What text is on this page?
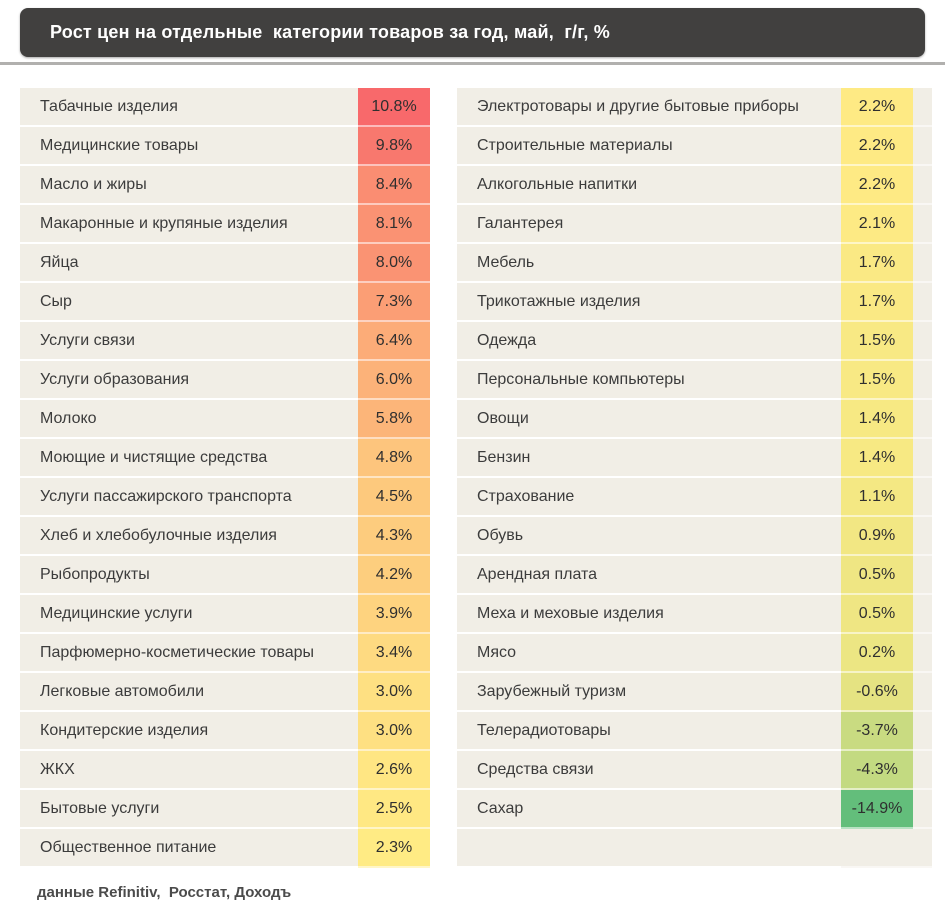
Рост цен на отдельные  категории товаров за год, май,  г/г, %
Табачные изделия	10.8%
Медицинские товары	9.8%
Масло и жиры	8.4%
Макаронные и крупяные изделия	8.1%
Яйца	8.0%
Сыр	7.3%
Услуги связи	6.4%
Услуги образования	6.0%
Молоко	5.8%
Моющие и чистящие средства	4.8%
Услуги пассажирского транспорта	4.5%
Хлеб и хлебобулочные изделия	4.3%
Рыбопродукты	4.2%
Медицинские услуги	3.9%
Парфюмерно-косметические товары	3.4%
Легковые автомобили	3.0%
Кондитерские изделия	3.0%
ЖКХ	2.6%
Бытовые услуги	2.5%
Общественное питание	2.3%
Электротовары и другие бытовые приборы	2.2%
Строительные материалы	2.2%
Алкогольные напитки	2.2%
Галантерея	2.1%
Мебель	1.7%
Трикотажные изделия	1.7%
Одежда	1.5%
Персональные компьютеры	1.5%
Овощи	1.4%
Бензин	1.4%
Страхование	1.1%
Обувь	0.9%
Арендная плата	0.5%
Меха и меховые изделия	0.5%
Мясо	0.2%
Зарубежный туризм	-0.6%
Телерадиотовары	-3.7%
Средства связи	-4.3%
Сахар	-14.9%
данные Refinitiv,  Росстат, Доходъ
